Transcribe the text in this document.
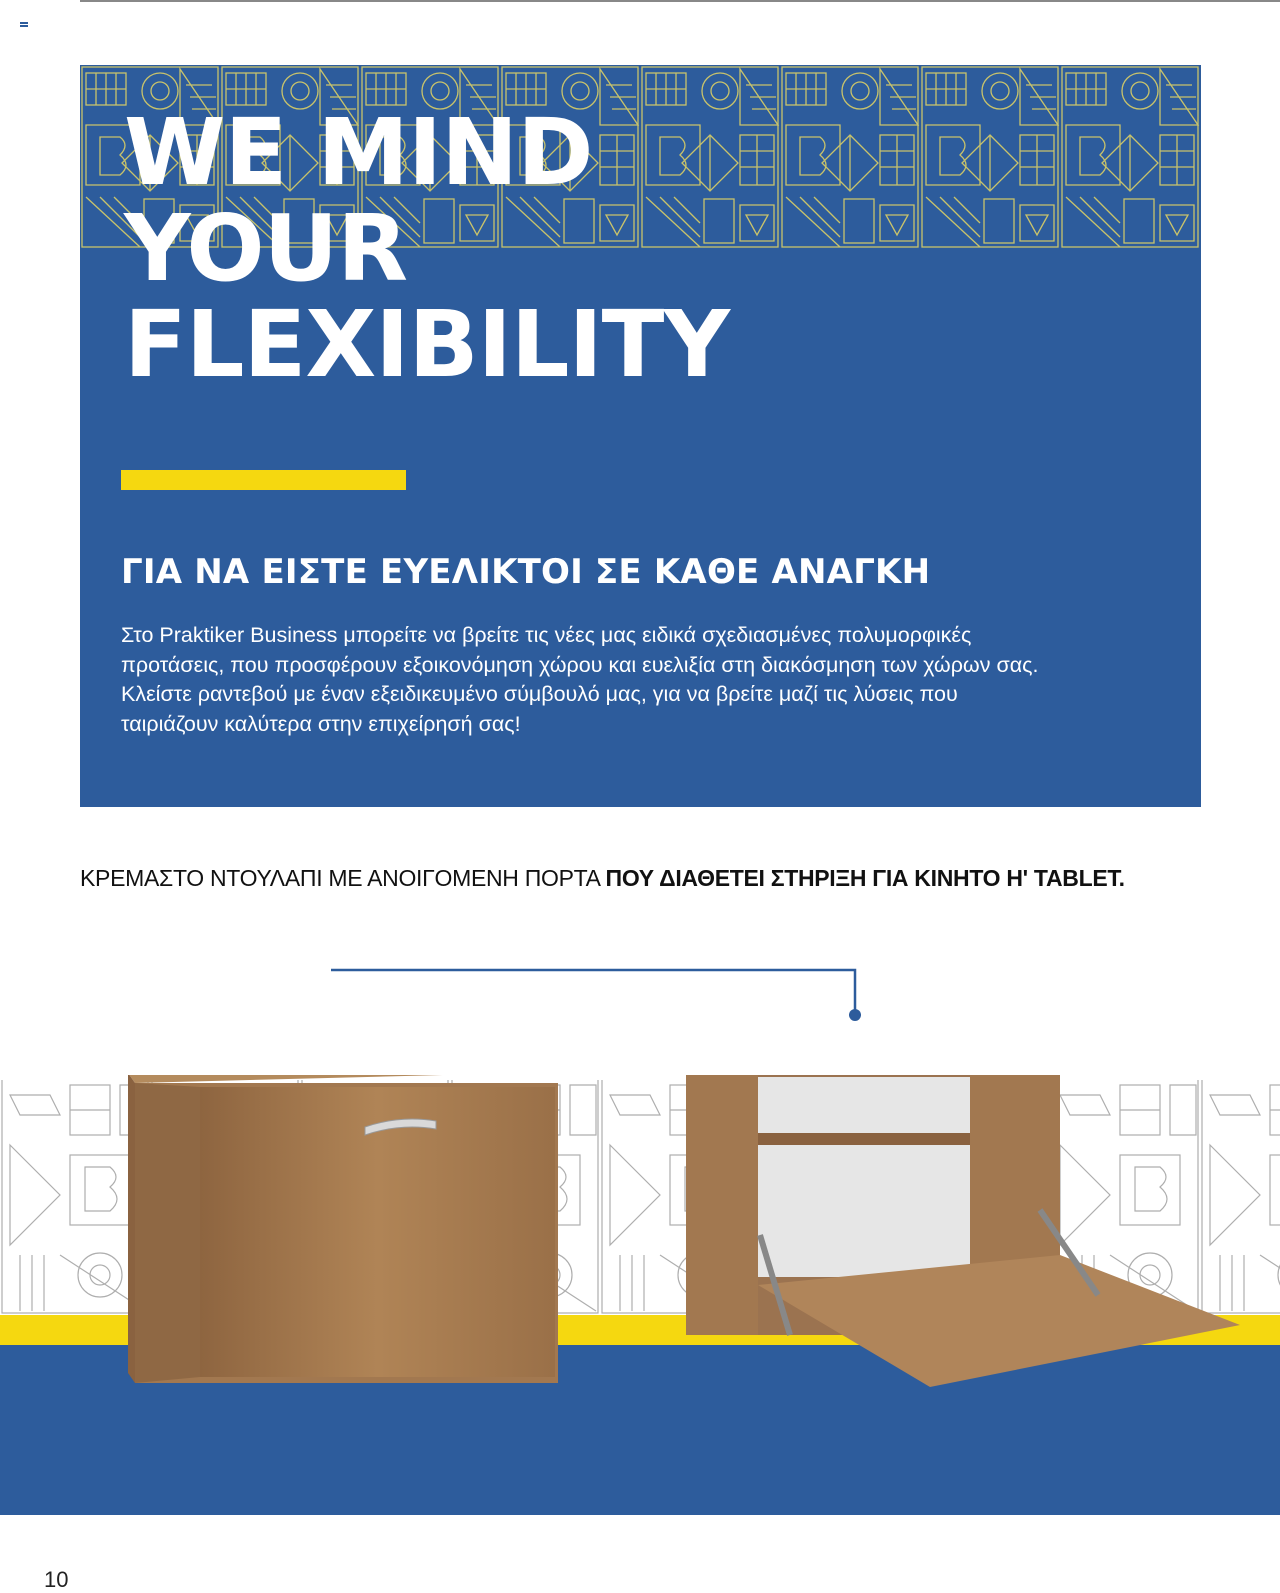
WE MIND
YOUR
FLEXIBILITY
ΓΙΑ ΝΑ ΕΙΣΤΕ ΕΥΕΛΙΚΤΟΙ ΣΕ ΚΑΘΕ ΑΝΑΓΚΗ

Στο Praktiker Business μπορείτε να βρείτε τις νέες μας ειδικά σχεδιασμένες πολυμορφικές προτάσεις, που προσφέρουν εξοικονόμηση χώρου και ευελιξία στη διακόσμηση των χώρων σας. Κλείστε ραντεβού με έναν εξειδικευμένο σύμβουλό μας, για να βρείτε μαζί τις λύσεις που ταιριάζουν καλύτερα στην επιχείρησή σας!

ΚΡΕΜΑΣΤΟ ΝΤΟΥΛΑΠΙ ΜΕ ΑΝΟΙΓΟΜΕΝΗ ΠΟΡΤΑ ΠΟΥ ΔΙΑΘΕΤΕΙ ΣΤΗΡΙΞΗ ΓΙΑ ΚΙΝΗΤΟ Η' TABLET.

10
